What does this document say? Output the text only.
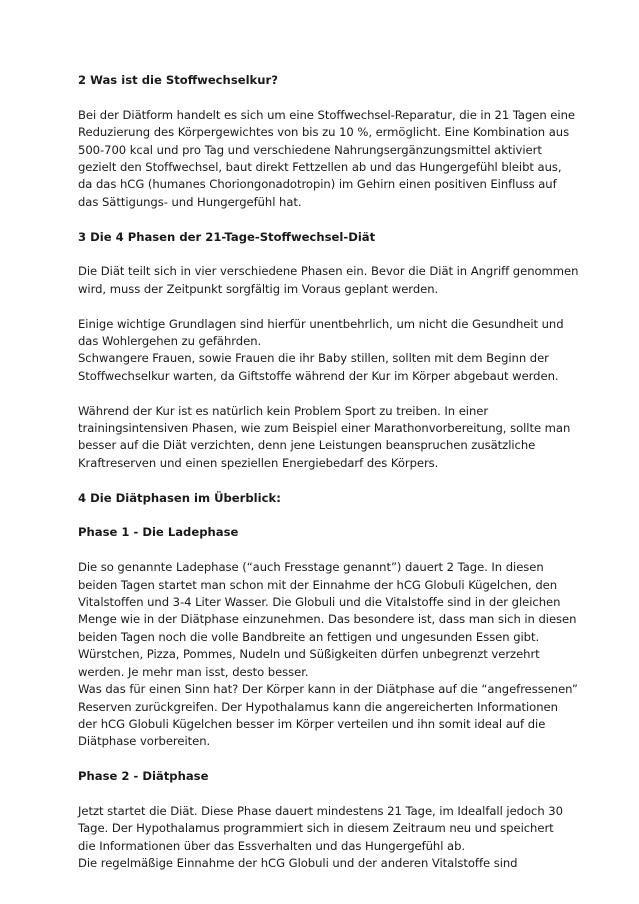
2 Was ist die Stoffwechselkur?
Bei der Diätform handelt es sich um eine Stoffwechsel-Reparatur, die in 21 Tagen eine
Reduzierung des Körpergewichtes von bis zu 10 %, ermöglicht. Eine Kombination aus
500-700 kcal und pro Tag und verschiedene Nahrungsergänzungsmittel aktiviert
gezielt den Stoffwechsel, baut direkt Fettzellen ab und das Hungergefühl bleibt aus,
da das hCG (humanes Choriongonadotropin) im Gehirn einen positiven Einfluss auf
das Sättigungs- und Hungergefühl hat.
3 Die 4 Phasen der 21-Tage-Stoffwechsel-Diät
Die Diät teilt sich in vier verschiedene Phasen ein. Bevor die Diät in Angriff genommen
wird, muss der Zeitpunkt sorgfältig im Voraus geplant werden.
Einige wichtige Grundlagen sind hierfür unentbehrlich, um nicht die Gesundheit und
das Wohlergehen zu gefährden.
Schwangere Frauen, sowie Frauen die ihr Baby stillen, sollten mit dem Beginn der
Stoffwechselkur warten, da Giftstoffe während der Kur im Körper abgebaut werden.
Während der Kur ist es natürlich kein Problem Sport zu treiben. In einer
trainingsintensiven Phasen, wie zum Beispiel einer Marathonvorbereitung, sollte man
besser auf die Diät verzichten, denn jene Leistungen beanspruchen zusätzliche
Kraftreserven und einen speziellen Energiebedarf des Körpers.
4 Die Diätphasen im Überblick:
Phase 1 - Die Ladephase
Die so genannte Ladephase (“auch Fresstage genannt”) dauert 2 Tage. In diesen
beiden Tagen startet man schon mit der Einnahme der hCG Globuli Kügelchen, den
Vitalstoffen und 3-4 Liter Wasser. Die Globuli und die Vitalstoffe sind in der gleichen
Menge wie in der Diätphase einzunehmen. Das besondere ist, dass man sich in diesen
beiden Tagen noch die volle Bandbreite an fettigen und ungesunden Essen gibt.
Würstchen, Pizza, Pommes, Nudeln und Süßigkeiten dürfen unbegrenzt verzehrt
werden. Je mehr man isst, desto besser.
Was das für einen Sinn hat? Der Körper kann in der Diätphase auf die “angefressenen”
Reserven zurückgreifen. Der Hypothalamus kann die angereicherten Informationen
der hCG Globuli Kügelchen besser im Körper verteilen und ihn somit ideal auf die
Diätphase vorbereiten.
Phase 2 - Diätphase
Jetzt startet die Diät. Diese Phase dauert mindestens 21 Tage, im Idealfall jedoch 30
Tage. Der Hypothalamus programmiert sich in diesem Zeitraum neu und speichert
die Informationen über das Essverhalten und das Hungergefühl ab.
Die regelmäßige Einnahme der hCG Globuli und der anderen Vitalstoffe sind
